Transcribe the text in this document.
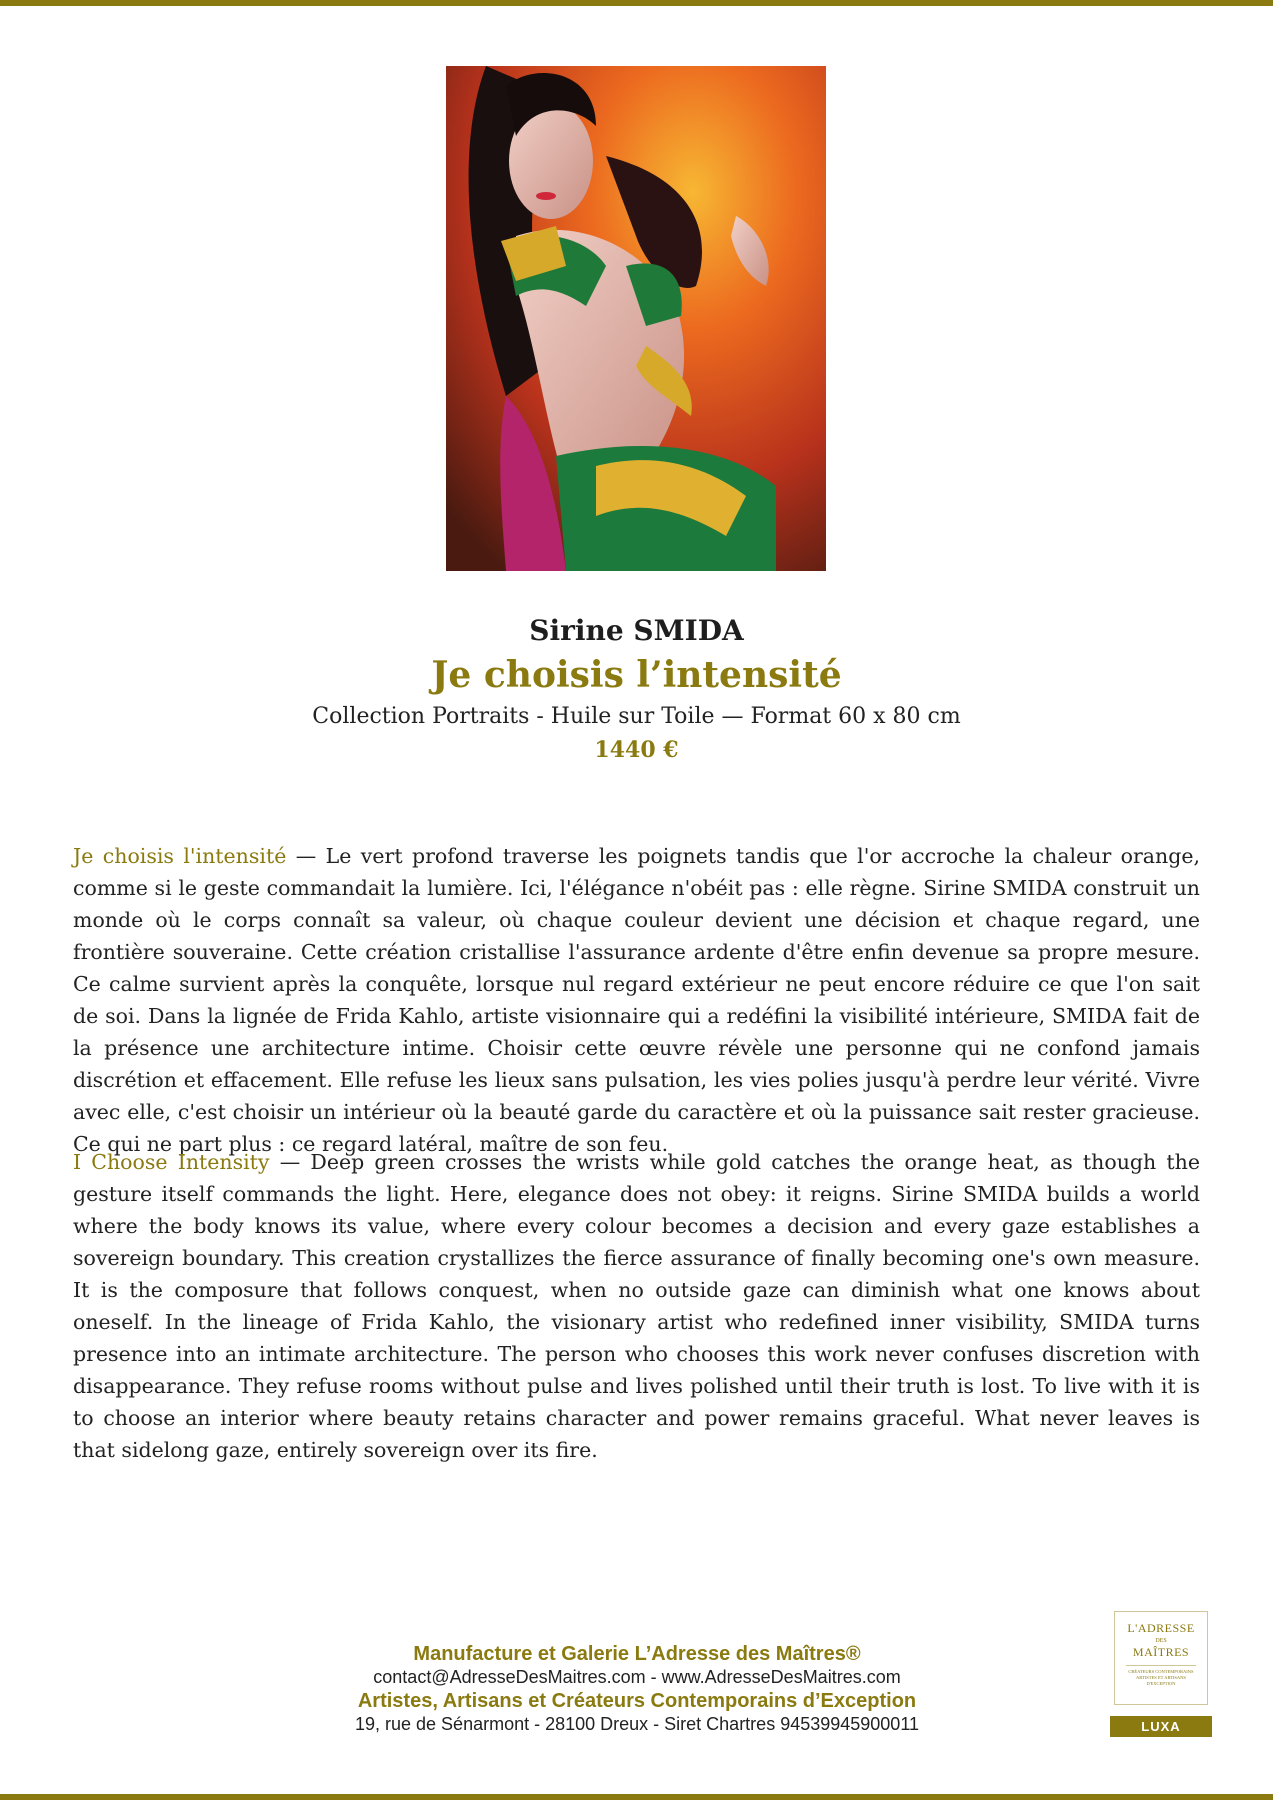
Sirine SMIDA
Je choisis l’intensité
Collection Portraits - Huile sur Toile — Format 60 x 80 cm
1440 €

Je choisis l'intensité — Le vert profond traverse les poignets tandis que l'or accroche la chaleur orange, comme si le geste commandait la lumière. Ici, l'élégance n'obéit pas : elle règne. Sirine SMIDA construit un monde où le corps connaît sa valeur, où chaque couleur devient une décision et chaque regard, une frontière souveraine. Cette création cristallise l'assurance ardente d'être enfin devenue sa propre mesure. Ce calme survient après la conquête, lorsque nul regard extérieur ne peut encore réduire ce que l'on sait de soi. Dans la lignée de Frida Kahlo, artiste visionnaire qui a redéfini la visibilité intérieure, SMIDA fait de la présence une architecture intime. Choisir cette œuvre révèle une personne qui ne confond jamais discrétion et effacement. Elle refuse les lieux sans pulsation, les vies polies jusqu'à perdre leur vérité. Vivre avec elle, c'est choisir un intérieur où la beauté garde du caractère et où la puissance sait rester gracieuse. Ce qui ne part plus : ce regard latéral, maître de son feu.

I Choose Intensity — Deep green crosses the wrists while gold catches the orange heat, as though the gesture itself commands the light. Here, elegance does not obey: it reigns. Sirine SMIDA builds a world where the body knows its value, where every colour becomes a decision and every gaze establishes a sovereign boundary. This creation crystallizes the fierce assurance of finally becoming one's own measure. It is the composure that follows conquest, when no outside gaze can diminish what one knows about oneself. In the lineage of Frida Kahlo, the visionary artist who redefined inner visibility, SMIDA turns presence into an intimate architecture. The person who chooses this work never confuses discretion with disappearance. They refuse rooms without pulse and lives polished until their truth is lost. To live with it is to choose an interior where beauty retains character and power remains graceful. What never leaves is that sidelong gaze, entirely sovereign over its fire.

Manufacture et Galerie L’Adresse des Maîtres®
contact@AdresseDesMaitres.com - www.AdresseDesMaitres.com
Artistes, Artisans et Créateurs Contemporains d’Exception
19, rue de Sénarmont - 28100 Dreux - Siret Chartres 94539945900011
L'ADRESSE
DES
MAÎTRES
CRÉATEURS CONTEMPORAINS ARTISTES ET ARTISANS D'EXCEPTION
LUXA
